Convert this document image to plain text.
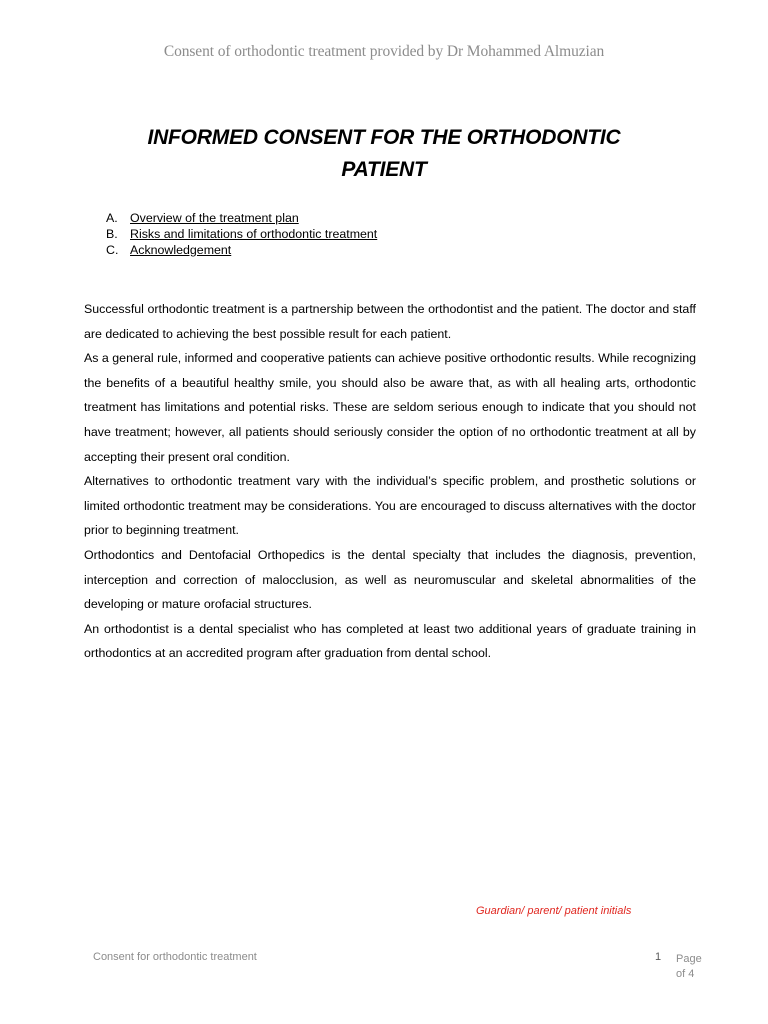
Consent of orthodontic treatment provided by Dr Mohammed Almuzian
INFORMED CONSENT FOR THE ORTHODONTIC
PATIENT
A. Overview of the treatment plan
B. Risks and limitations of orthodontic treatment
C. Acknowledgement

Successful orthodontic treatment is a partnership between the orthodontist and the patient. The doctor and staff are dedicated to achieving the best possible result for each patient.

As a general rule, informed and cooperative patients can achieve positive orthodontic results. While recognizing the benefits of a beautiful healthy smile, you should also be aware that, as with all healing arts, orthodontic treatment has limitations and potential risks. These are seldom serious enough to indicate that you should not have treatment; however, all patients should seriously consider the option of no orthodontic treatment at all by accepting their present oral condition.

Alternatives to orthodontic treatment vary with the individual’s specific problem, and prosthetic solutions or limited orthodontic treatment may be considerations. You are encouraged to discuss alternatives with the doctor prior to beginning treatment.

Orthodontics and Dentofacial Orthopedics is the dental specialty that includes the diagnosis, prevention, interception and correction of malocclusion, as well as neuromuscular and skeletal abnormalities of the developing or mature orofacial structures.

An orthodontist is a dental specialist who has completed at least two additional years of graduate training in orthodontics at an accredited program after graduation from dental school.

Guardian/ parent/ patient initials
Consent for orthodontic treatment	1 Page
of 4
